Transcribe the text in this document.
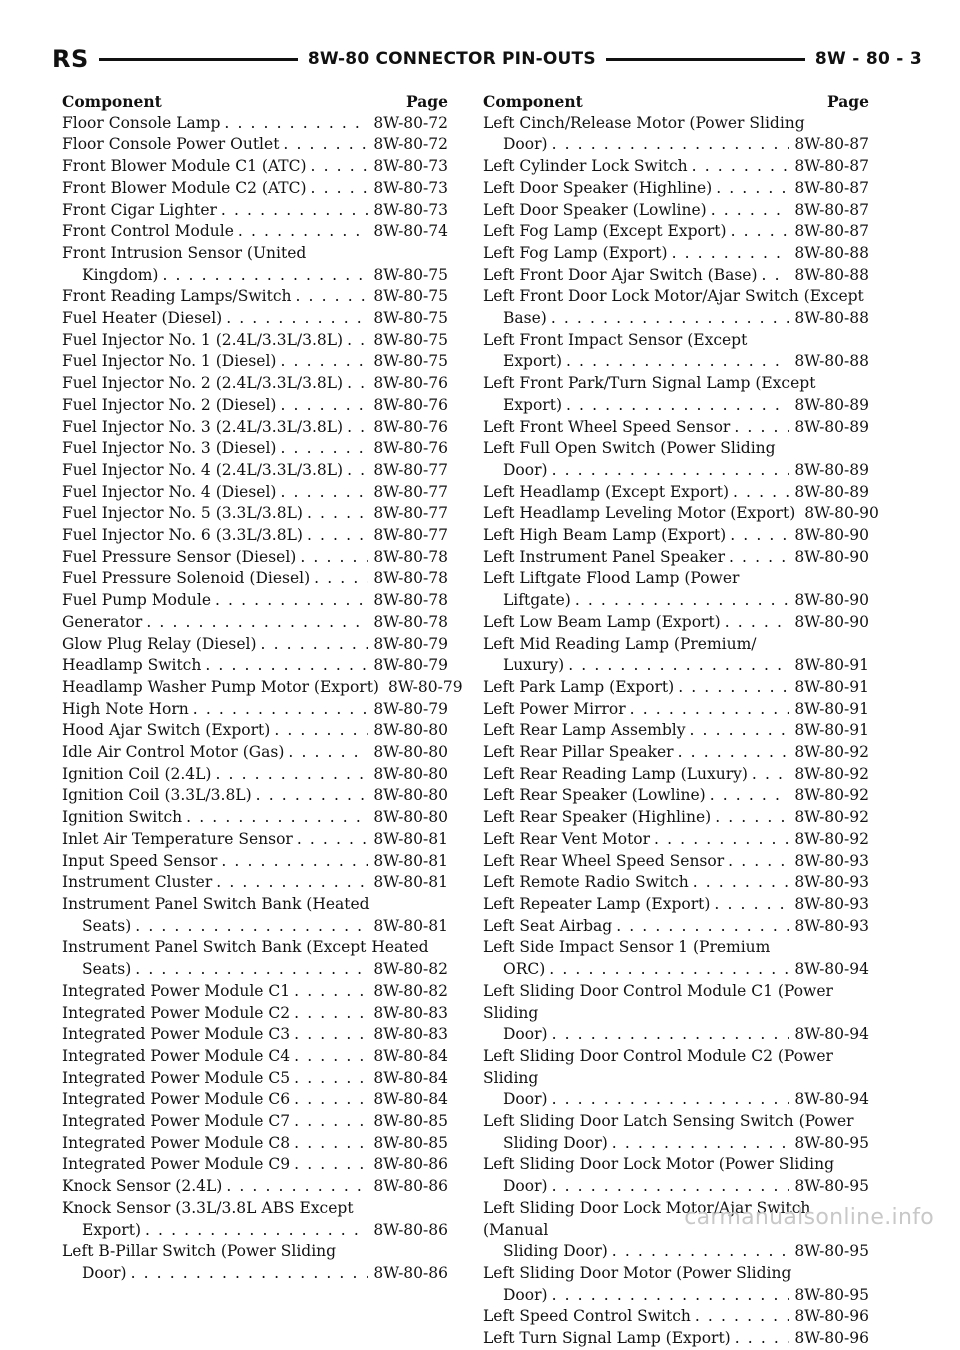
RS	8W-80 CONNECTOR PIN-OUTS	8W - 80 - 3
Component	Page
Floor Console Lamp . . .	8W-80-72
Floor Console Power Outlet . . .	8W-80-72
Front Blower Module C1 (ATC) . . .	8W-80-73
Front Blower Module C2 (ATC) . . .	8W-80-73
Front Cigar Lighter . . .	8W-80-73
Front Control Module . . .	8W-80-74
Front Intrusion Sensor (United
Kingdom) . . .	8W-80-75
Front Reading Lamps/Switch . . .	8W-80-75
Fuel Heater (Diesel) . . .	8W-80-75
Fuel Injector No. 1 (2.4L/3.3L/3.8L) . . .	8W-80-75
Fuel Injector No. 1 (Diesel) . . .	8W-80-75
Fuel Injector No. 2 (2.4L/3.3L/3.8L) . . .	8W-80-76
Fuel Injector No. 2 (Diesel) . . .	8W-80-76
Fuel Injector No. 3 (2.4L/3.3L/3.8L) . . .	8W-80-76
Fuel Injector No. 3 (Diesel) . . .	8W-80-76
Fuel Injector No. 4 (2.4L/3.3L/3.8L) . . .	8W-80-77
Fuel Injector No. 4 (Diesel) . . .	8W-80-77
Fuel Injector No. 5 (3.3L/3.8L) . . .	8W-80-77
Fuel Injector No. 6 (3.3L/3.8L) . . .	8W-80-77
Fuel Pressure Sensor (Diesel) . . .	8W-80-78
Fuel Pressure Solenoid (Diesel) . . .	8W-80-78
Fuel Pump Module . . .	8W-80-78
Generator . . .	8W-80-78
Glow Plug Relay (Diesel) . . .	8W-80-79
Headlamp Switch . . .	8W-80-79
Headlamp Washer Pump Motor (Export) . . . 8W-80-79
High Note Horn . . .	8W-80-79
Hood Ajar Switch (Export) . . .	8W-80-80
Idle Air Control Motor (Gas) . . .	8W-80-80
Ignition Coil (2.4L) . . .	8W-80-80
Ignition Coil (3.3L/3.8L) . . .	8W-80-80
Ignition Switch . . .	8W-80-80
Inlet Air Temperature Sensor . . .	8W-80-81
Input Speed Sensor . . .	8W-80-81
Instrument Cluster . . .	8W-80-81
Instrument Panel Switch Bank (Heated
Seats) . . .	8W-80-81
Instrument Panel Switch Bank (Except Heated
Seats) . . .	8W-80-82
Integrated Power Module C1 . . .	8W-80-82
Integrated Power Module C2 . . .	8W-80-83
Integrated Power Module C3 . . .	8W-80-83
Integrated Power Module C4 . . .	8W-80-84
Integrated Power Module C5 . . .	8W-80-84
Integrated Power Module C6 . . .	8W-80-84
Integrated Power Module C7 . . .	8W-80-85
Integrated Power Module C8 . . .	8W-80-85
Integrated Power Module C9 . . .	8W-80-86
Knock Sensor (2.4L) . . .	8W-80-86
Knock Sensor (3.3L/3.8L ABS Except
Export) . . .	8W-80-86
Left B-Pillar Switch (Power Sliding
Door) . . .	8W-80-86
Component	Page
Left Cinch/Release Motor (Power Sliding
Door) . . .	8W-80-87
Left Cylinder Lock Switch . . .	8W-80-87
Left Door Speaker (Highline) . . .	8W-80-87
Left Door Speaker (Lowline) . . .	8W-80-87
Left Fog Lamp (Except Export) . . .	8W-80-87
Left Fog Lamp (Export) . . .	8W-80-88
Left Front Door Ajar Switch (Base) . . .	8W-80-88
Left Front Door Lock Motor/Ajar Switch (Except
Base) . . .	8W-80-88
Left Front Impact Sensor (Except
Export) . . .	8W-80-88
Left Front Park/Turn Signal Lamp (Except
Export) . . .	8W-80-89
Left Front Wheel Speed Sensor . . .	8W-80-89
Left Full Open Switch (Power Sliding
Door) . . .	8W-80-89
Left Headlamp (Except Export) . . .	8W-80-89
Left Headlamp Leveling Motor (Export) . . . 8W-80-90
Left High Beam Lamp (Export) . . .	8W-80-90
Left Instrument Panel Speaker . . .	8W-80-90
Left Liftgate Flood Lamp (Power
Liftgate) . . .	8W-80-90
Left Low Beam Lamp (Export) . . .	8W-80-90
Left Mid Reading Lamp (Premium/
Luxury) . . .	8W-80-91
Left Park Lamp (Export) . . .	8W-80-91
Left Power Mirror . . .	8W-80-91
Left Rear Lamp Assembly . . .	8W-80-91
Left Rear Pillar Speaker . . .	8W-80-92
Left Rear Reading Lamp (Luxury) . . .	8W-80-92
Left Rear Speaker (Lowline) . . .	8W-80-92
Left Rear Speaker (Highline) . . .	8W-80-92
Left Rear Vent Motor . . .	8W-80-92
Left Rear Wheel Speed Sensor . . .	8W-80-93
Left Remote Radio Switch . . .	8W-80-93
Left Repeater Lamp (Export) . . .	8W-80-93
Left Seat Airbag . . .	8W-80-93
Left Side Impact Sensor 1 (Premium
ORC) . . .	8W-80-94
Left Sliding Door Control Module C1 (Power Sliding
Door) . . .	8W-80-94
Left Sliding Door Control Module C2 (Power Sliding
Door) . . .	8W-80-94
Left Sliding Door Latch Sensing Switch (Power
Sliding Door) . . .	8W-80-95
Left Sliding Door Lock Motor (Power Sliding
Door) . . .	8W-80-95
Left Sliding Door Lock Motor/Ajar Switch (Manual
Sliding Door) . . .	8W-80-95
Left Sliding Door Motor (Power Sliding
Door) . . .	8W-80-95
Left Speed Control Switch . . .	8W-80-96
Left Turn Signal Lamp (Export) . . .	8W-80-96
carmanualsonline.info
